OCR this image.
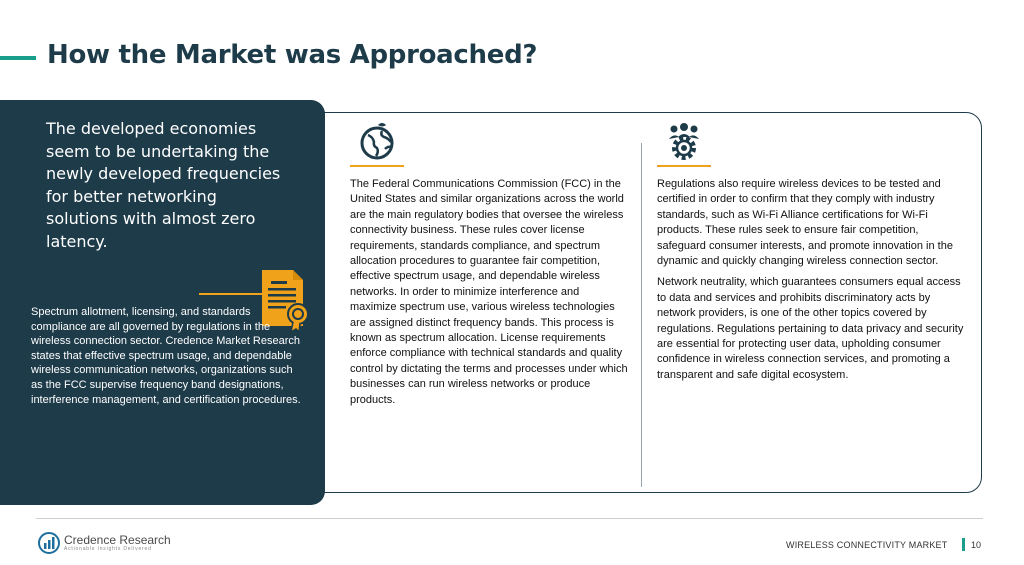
How the Market was Approached?

The developed economies seem to be undertaking the newly developed frequencies for better networking solutions with almost zero latency.

Spectrum allotment, licensing, and standards compliance are all governed by regulations in the wireless connection sector. Credence Market Research states that effective spectrum usage, and dependable wireless communication networks, organizations such as the FCC supervise frequency band designations, interference management, and certification procedures.

The Federal Communications Commission (FCC) in the United States and similar organizations across the world are the main regulatory bodies that oversee the wireless connectivity business. These rules cover license requirements, standards compliance, and spectrum allocation procedures to guarantee fair competition, effective spectrum usage, and dependable wireless networks. In order to minimize interference and maximize spectrum use, various wireless technologies are assigned distinct frequency bands. This process is known as spectrum allocation. License requirements enforce compliance with technical standards and quality control by dictating the terms and processes under which businesses can run wireless networks or produce products.

Regulations also require wireless devices to be tested and certified in order to confirm that they comply with industry standards, such as Wi-Fi Alliance certifications for Wi-Fi products. These rules seek to ensure fair competition, safeguard consumer interests, and promote innovation in the dynamic and quickly changing wireless connection sector.

Network neutrality, which guarantees consumers equal access to data and services and prohibits discriminatory acts by network providers, is one of the other topics covered by regulations. Regulations pertaining to data privacy and security are essential for protecting user data, upholding consumer confidence in wireless connection services, and promoting a transparent and safe digital ecosystem.

Credence Research
Actionable Insights Delivered	WIRELESS CONNECTIVITY MARKET	10
